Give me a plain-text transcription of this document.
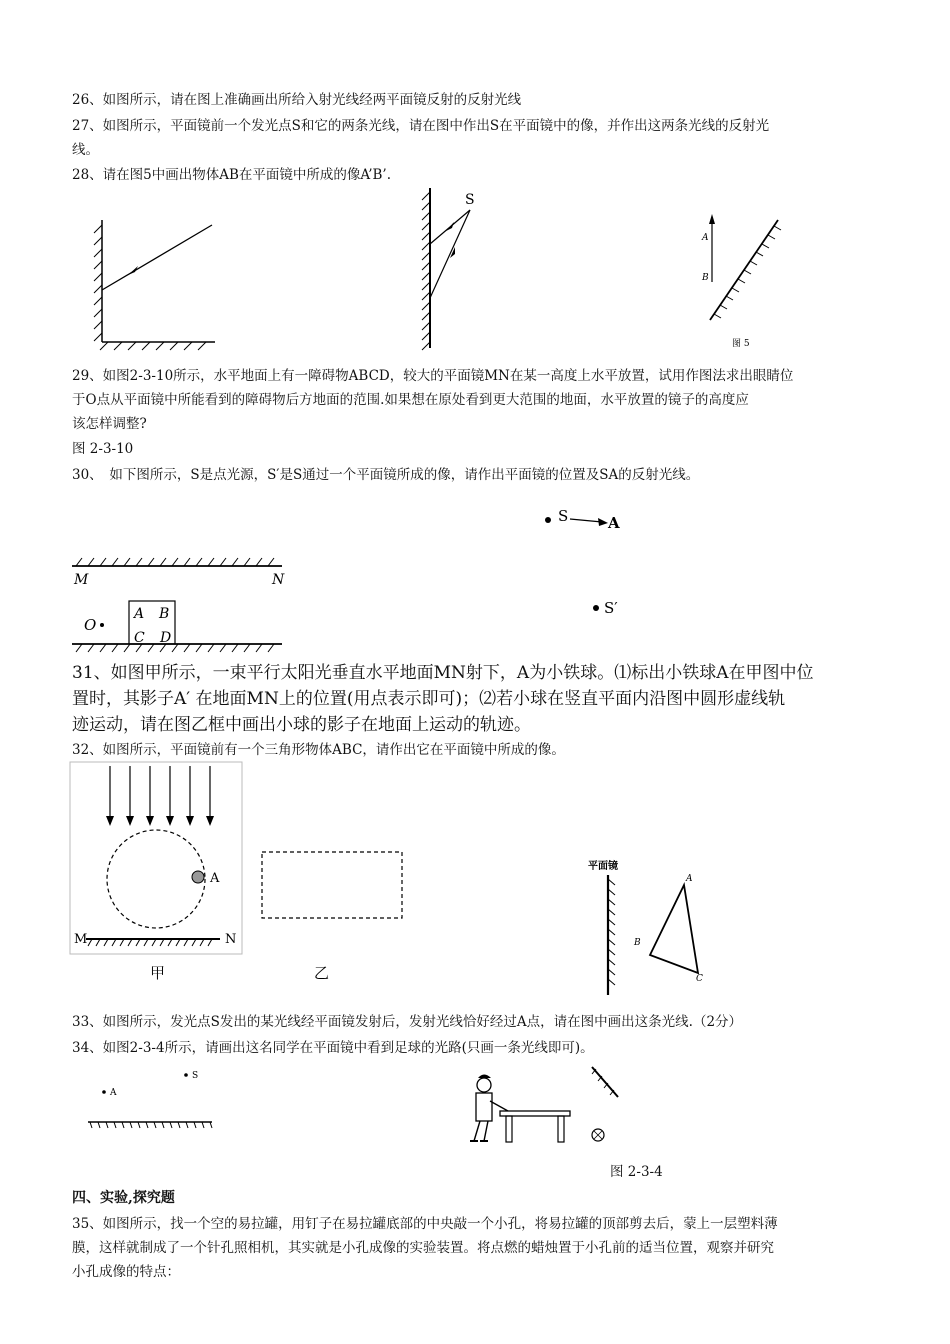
26、如图所示，请在图上准确画出所给入射光线经两平面镜反射的反射光线
27、如图所示，平面镜前一个发光点S和它的两条光线，请在图中作出S在平面镜中的像，并作出这两条光线的反射光
线。
28、请在图5中画出物体AB在平面镜中所成的像A’B’.
S
A
B
图 5
29、如图2-3-10所示，水平地面上有一障碍物ABCD，较大的平面镜MN在某一高度上水平放置，试用作图法求出眼睛位
于O点从平面镜中所能看到的障碍物后方地面的范围.如果想在原处看到更大范围的地面，水平放置的镜子的高度应
该怎样调整?
图 2-3-10
30、　如下图所示，S是点光源，S′是S通过一个平面镜所成的像，请作出平面镜的位置及SA的反射光线。
M	N
A B
C D
O
S	A
S′
31、如图甲所示，一束平行太阳光垂直水平地面MN射下，A为小铁球。⑴标出小铁球A在甲图中位
置时，其影子A′ 在地面MN上的位置(用点表示即可)；⑵若小球在竖直平面内沿图中圆形虚线轨
迹运动，请在图乙框中画出小球的影子在地面上运动的轨迹。
32、如图所示，平面镜前有一个三角形物体ABC，请作出它在平面镜中所成的像。
A
M	N
甲	乙
平面镜
A
B
C
33、如图所示，发光点S发出的某光线经平面镜发射后，发射光线恰好经过A点，请在图中画出这条光线.（2分）
34、如图2-3-4所示，请画出这名同学在平面镜中看到足球的光路(只画一条光线即可)。
S
A
图 2-3-4
四、实验,探究题
35、如图所示，找一个空的易拉罐，用钉子在易拉罐底部的中央敲一个小孔，将易拉罐的顶部剪去后，蒙上一层塑料薄
膜，这样就制成了一个针孔照相机，其实就是小孔成像的实验装置。将点燃的蜡烛置于小孔前的适当位置，观察并研究
小孔成像的特点：
